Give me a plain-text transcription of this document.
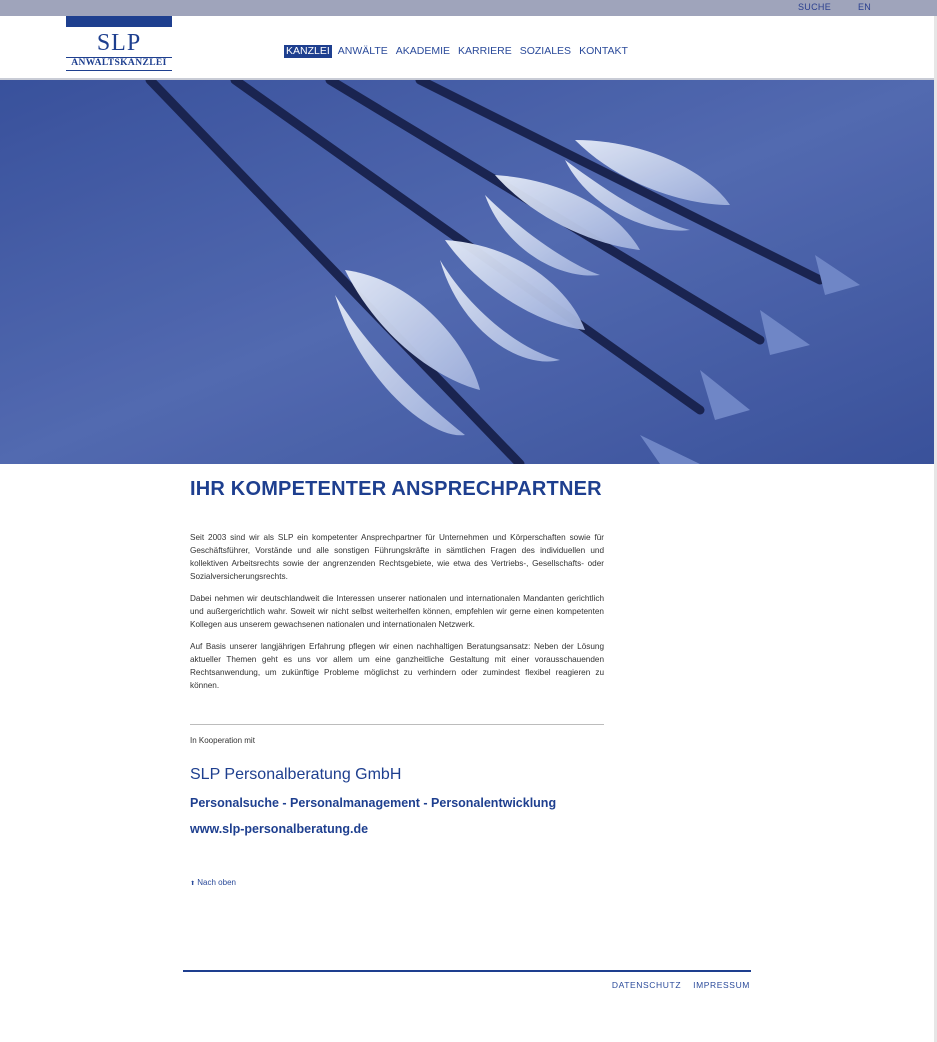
SUCHE	EN
SLP
ANWALTSKANZLEI
KANZLEI ANWÄLTE AKADEMIE KARRIERE SOZIALES KONTAKT
IHR KOMPETENTER ANSPRECHPARTNER

Seit 2003 sind wir als SLP ein kompetenter Ansprechpartner für Unternehmen und Körperschaften sowie für Geschäftsführer, Vorstände und alle sonstigen Führungskräfte in sämtlichen Fragen des individuellen und kollektiven Arbeitsrechts sowie der angrenzenden Rechtsgebiete, wie etwa des Vertriebs-, Gesellschafts- oder Sozialversicherungsrechts.

Dabei nehmen wir deutschlandweit die Interessen unserer nationalen und internationalen Mandanten gerichtlich und außergerichtlich wahr. Soweit wir nicht selbst weiterhelfen können, empfehlen wir gerne einen kompetenten Kollegen aus unserem gewachsenen nationalen und internationalen Netzwerk.

Auf Basis unserer langjährigen Erfahrung pflegen wir einen nachhaltigen Beratungsansatz: Neben der Lösung aktueller Themen geht es uns vor allem um eine ganzheitliche Gestaltung mit einer vorausschauenden Rechtsanwendung, um zukünftige Probleme möglichst zu verhindern oder zumindest flexibel reagieren zu können.

In Kooperation mit
SLP Personalberatung GmbH
Personalsuche - Personalmanagement - Personalentwicklung
www.slp-personalberatung.de
⬆ Nach oben
DATENSCHUTZ IMPRESSUM
